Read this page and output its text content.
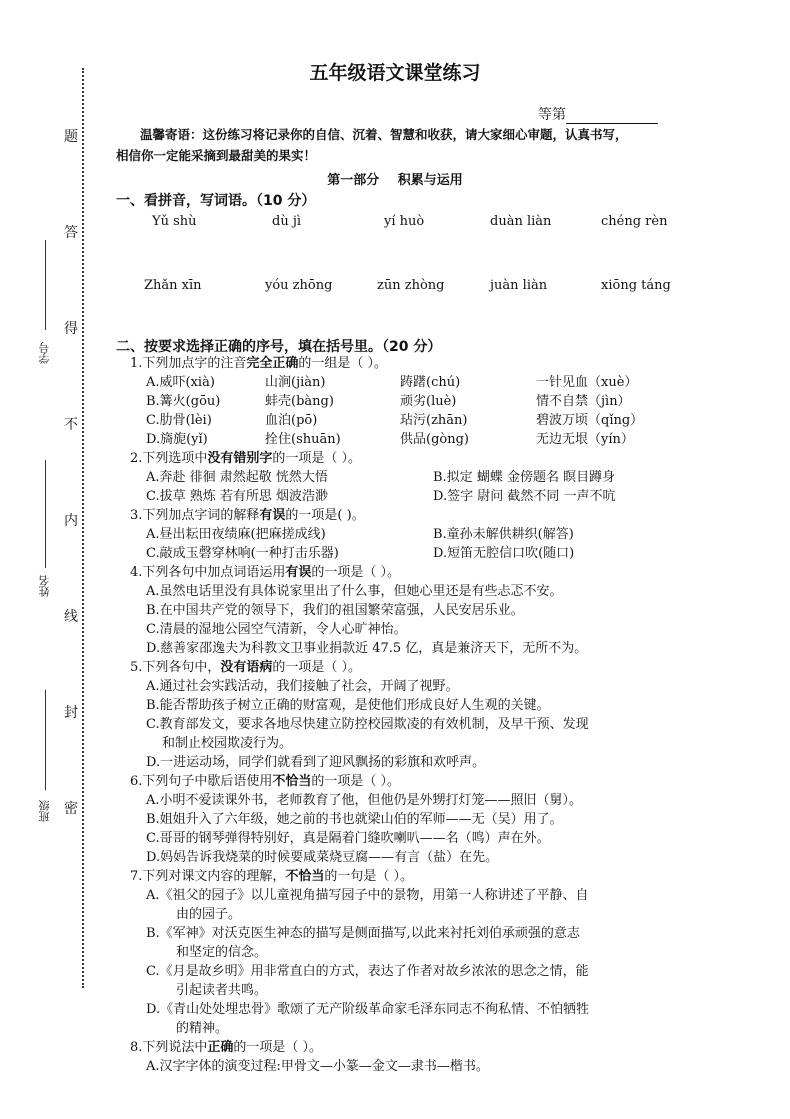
题
答
得
不
内
线
封
密
学号
姓名
班级
五年级语文课堂练习
等第
温馨寄语：这份练习将记录你的自信、沉着、智慧和收获，请大家细心审题，认真书写，
相信你一定能采摘到最甜美的果实！
第一部分 积累与运用
一、看拼音，写词语。（10 分）
Yǔ shù	dù jì	yí huò	duàn liàn	chéng rèn
Zhǎn xīn	yóu zhōng	zūn zhòng	juàn liàn	xiōng táng
二、按要求选择正确的序号，填在括号里。（20 分）
1.下列加点字的注音完全正确的一组是（ ）。
A.威吓(xià)	山涧(jiàn)	踌躇(chú)	一针见血（xuè）
B.篝火(gōu)	蚌壳(bàng)	顽劣(luè)	情不自禁（jìn）
C.肋骨(lèi)	血泊(pō)	玷污(zhān)	碧波万顷（qǐng）
D.旖旎(yǐ)	拴住(shuān)	供品(gòng)	无边无垠（yín）
2.下列选项中没有错别字的一项是（ ）。
A.奔赴 徘徊 肃然起敬 恍然大悟	B.拟定 蝴蝶 金傍题名 瞑目蹲身
C.拔草 熟炼 若有所思 烟波浩渺	D.签字 尉问 截然不同 一声不吭
3.下列加点字词的解释有误的一项是( )。
A.昼出耘田夜绩麻(把麻搓成线)	B.童孙未解供耕织(解答)
C.敲成玉磬穿林响(一种打击乐器)	D.短笛无腔信口吹(随口)
4.下列各句中加点词语运用有误的一项是（ ）。
A.虽然电话里没有具体说家里出了什么事，但她心里还是有些忐忑不安。
B.在中国共产党的领导下，我们的祖国繁荣富强，人民安居乐业。
C.清晨的湿地公园空气清新，令人心旷神怡。
D.慈善家邵逸夫为科教文卫事业捐款近 47.5 亿，真是兼济天下，无所不为。
5.下列各句中，没有语病的一项是（ ）。
A.通过社会实践活动，我们接触了社会，开阔了视野。
B.能否帮助孩子树立正确的财富观，是使他们形成良好人生观的关键。
C.教育部发文，要求各地尽快建立防控校园欺凌的有效机制，及早干预、发现
和制止校园欺凌行为。
D.一进运动场，同学们就看到了迎风飘扬的彩旗和欢呼声。
6.下列句子中歇后语使用不恰当的一项是（ ）。
A.小明不爱读课外书，老师教育了他，但他仍是外甥打灯笼——照旧（舅）。
B.姐姐升入了六年级，她之前的书也就梁山伯的军师——无（吴）用了。
C.哥哥的钢琴弹得特别好，真是隔着门缝吹喇叭——名（鸣）声在外。
D.妈妈告诉我烧菜的时候要咸菜烧豆腐——有言（盐）在先。
7.下列对课文内容的理解，不恰当的一句是（ ）。
A.《祖父的园子》以儿童视角描写园子中的景物，用第一人称讲述了平静、自
由的园子。
B.《军神》对沃克医生神态的描写是侧面描写,以此来衬托刘伯承顽强的意志
和坚定的信念。
C.《月是故乡明》用非常直白的方式，表达了作者对故乡浓浓的思念之情，能
引起读者共鸣。
D.《青山处处埋忠骨》歌颂了无产阶级革命家毛泽东同志不徇私情、不怕牺牲
的精神。
8.下列说法中正确的一项是（ ）。
A.汉字字体的演变过程:甲骨文—小篆—金文—隶书—楷书。
